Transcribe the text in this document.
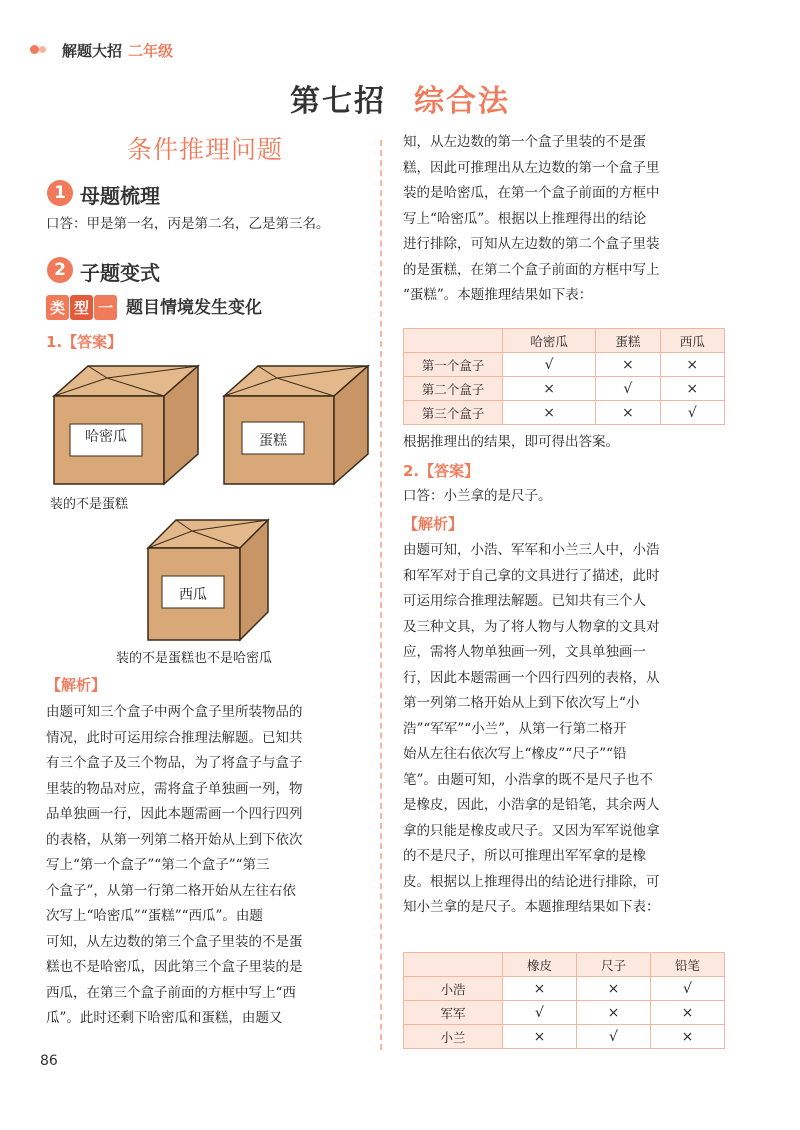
解题大招 二年级
第七招 综合法
条件推理问题
1 母题梳理
口答：甲是第一名，丙是第二名，乙是第三名。
2 子题变式
类 型 一 题目情境发生变化
1.【答案】
哈密瓜	蛋糕
装的不是蛋糕
西瓜
装的不是蛋糕也不是哈密瓜
【解析】
由题可知三个盒子中两个盒子里所装物品的
情况，此时可运用综合推理法解题。已知共
有三个盒子及三个物品，为了将盒子与盒子
里装的物品对应，需将盒子单独画一列，物
品单独画一行，因此本题需画一个四行四列
的表格，从第一列第二格开始从上到下依次
写上“第一个盒子”“第二个盒子”“第三
个盒子”，从第一行第二格开始从左往右依
次写上“哈密瓜”“蛋糕”“西瓜”。由题
可知，从左边数的第三个盒子里装的不是蛋
糕也不是哈密瓜，因此第三个盒子里装的是
西瓜，在第三个盒子前面的方框中写上“西
瓜”。此时还剩下哈密瓜和蛋糕，由题又
知，从左边数的第一个盒子里装的不是蛋
糕，因此可推理出从左边数的第一个盒子里
装的是哈密瓜，在第一个盒子前面的方框中
写上“哈密瓜”。根据以上推理得出的结论
进行排除，可知从左边数的第二个盒子里装
的是蛋糕，在第二个盒子前面的方框中写上
“蛋糕”。本题推理结果如下表：
	哈密瓜	蛋糕	西瓜
第一个盒子	√	×	×
第二个盒子	×	√	×
第三个盒子	×	×	√
根据推理出的结果，即可得出答案。
2.【答案】
口答：小兰拿的是尺子。
【解析】
由题可知，小浩、军军和小兰三人中，小浩
和军军对于自己拿的文具进行了描述，此时
可运用综合推理法解题。已知共有三个人
及三种文具，为了将人物与人物拿的文具对
应，需将人物单独画一列，文具单独画一
行，因此本题需画一个四行四列的表格，从
第一列第二格开始从上到下依次写上“小
浩”“军军”“小兰”，从第一行第二格开
始从左往右依次写上“橡皮”“尺子”“铅
笔”。由题可知，小浩拿的既不是尺子也不
是橡皮，因此，小浩拿的是铅笔，其余两人
拿的只能是橡皮或尺子。又因为军军说他拿
的不是尺子，所以可推理出军军拿的是橡
皮。根据以上推理得出的结论进行排除，可
知小兰拿的是尺子。本题推理结果如下表：
	橡皮	尺子	铅笔
小浩	×	×	√
军军	√	×	×
小兰	×	√	×
86
